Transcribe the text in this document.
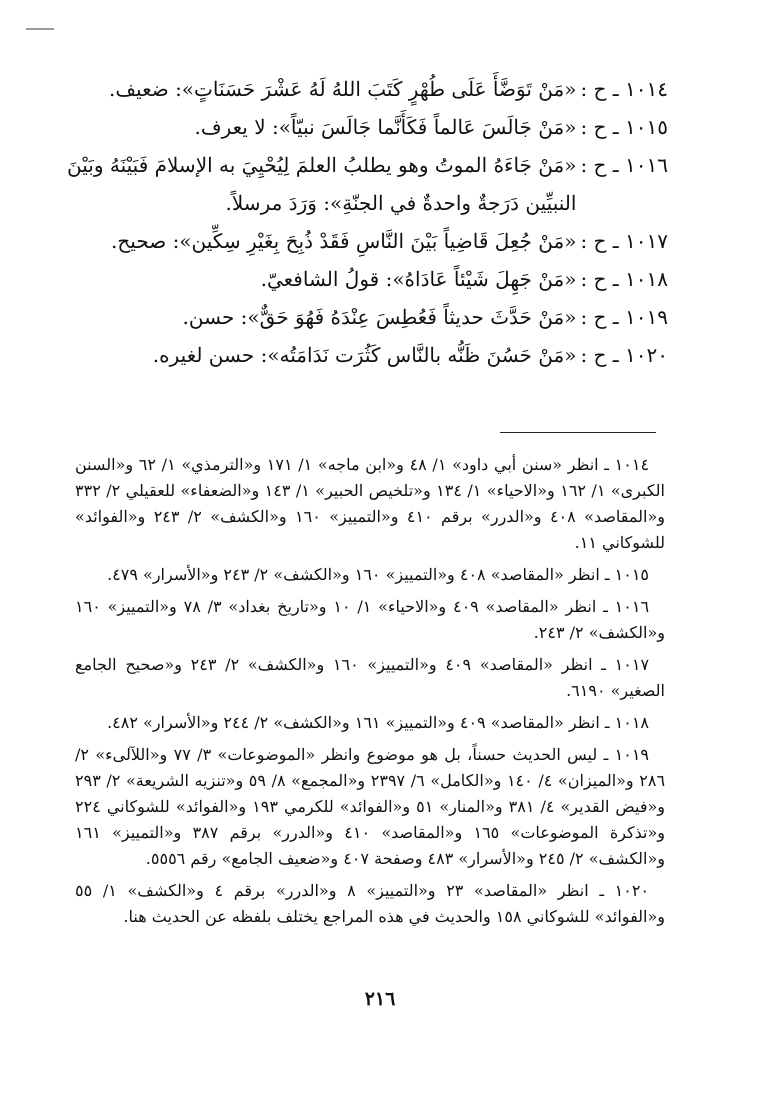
١٠١٤ ـ ح :
«مَنْ تَوَضَّأَ عَلَى طُهْرٍ كَتَبَ اللهُ لَهُ عَشْرَ حَسَنَاتٍ»: ضعيف.

١٠١٥ ـ ح :
«مَنْ جَالَسَ عَالماً فَكَأَنَّما جَالَسَ نبيّاً»: لا يعرف.

١٠١٦ ـ ح :
«مَنْ جَاءَهُ الموتُ وهو يطلبُ العلمَ لِيُحْيِيَ به الإسلامَ فَبَيْنَهُ وبَيْنَ النبيِّين دَرَجةٌ واحدةٌ في الجنّةِ»: وَرَدَ مرسلاً.

١٠١٧ ـ ح :
«مَنْ جُعِلَ قَاضِياً بَيْنَ النَّاسِ فَقَدْ ذُبِحَ بِغَيْرِ سِكِّين»: صحيح.

١٠١٨ ـ ح :
«مَنْ جَهِلَ شَيْئاً عَادَاهُ»: قولُ الشافعيّ.

١٠١٩ ـ ح :
«مَنْ حَدَّثَ حديثاً فَعُطِسَ عِنْدَهُ فَهُوَ حَقٌّ»: حسن.

١٠٢٠ ـ ح :
«مَنْ حَسُنَ ظَنُّه بالنَّاس كَثُرَت نَدَامَتُه»: حسن لغيره.

١٠١٤ ـ انظر «سنن أبي داود» ١/ ٤٨ و«ابن ماجه» ١/ ١٧١ و«الترمذي» ١/ ٦٢ و«السنن الكبرى» ١/ ١٦٢ و«الاحياء» ١/ ١٣٤ و«تلخيص الحبير» ١/ ١٤٣ و«الضعفاء» للعقيلي ٢/ ٣٣٢ و«المقاصد» ٤٠٨ و«الدرر» برقم ٤١٠ و«التمييز» ١٦٠ و«الكشف» ٢/ ٢٤٣ و«الفوائد» للشوكاني ١١.

١٠١٥ ـ انظر «المقاصد» ٤٠٨ و«التمييز» ١٦٠ و«الكشف» ٢/ ٢٤٣ و«الأسرار» ٤٧٩.

١٠١٦ ـ انظر «المقاصد» ٤٠٩ و«الاحياء» ١/ ١٠ و«تاريخ بغداد» ٣/ ٧٨ و«التمييز» ١٦٠ و«الكشف» ٢/ ٢٤٣.

١٠١٧ ـ انظر «المقاصد» ٤٠٩ و«التمييز» ١٦٠ و«الكشف» ٢/ ٢٤٣ و«صحيح الجامع الصغير» ٦١٩٠.

١٠١٨ ـ انظر «المقاصد» ٤٠٩ و«التمييز» ١٦١ و«الكشف» ٢/ ٢٤٤ و«الأسرار» ٤٨٢.

١٠١٩ ـ ليس الحديث حسناً، بل هو موضوع وانظر «الموضوعات» ٣/ ٧٧ و«اللآلىء» ٢/ ٢٨٦ و«الميزان» ٤/ ١٤٠ و«الكامل» ٦/ ٢٣٩٧ و«المجمع» ٨/ ٥٩ و«تنزيه الشريعة» ٢/ ٢٩٣ و«فيض القدير» ٤/ ٣٨١ و«المنار» ٥١ و«الفوائد» للكرمي ١٩٣ و«الفوائد» للشوكاني ٢٢٤ و«تذكرة الموضوعات» ١٦٥ و«المقاصد» ٤١٠ و«الدرر» برقم ٣٨٧ و«التمييز» ١٦١ و«الكشف» ٢/ ٢٤٥ و«الأسرار» ٤٨٣ وصفحة ٤٠٧ و«ضعيف الجامع» رقم ٥٥٥٦.

١٠٢٠ ـ انظر «المقاصد» ٢٣ و«التمييز» ٨ و«الدرر» برقم ٤ و«الكشف» ١/ ٥٥ و«الفوائد» للشوكاني ١٥٨ والحديث في هذه المراجع يختلف بلفظه عن الحديث هنا.

٢١٦
